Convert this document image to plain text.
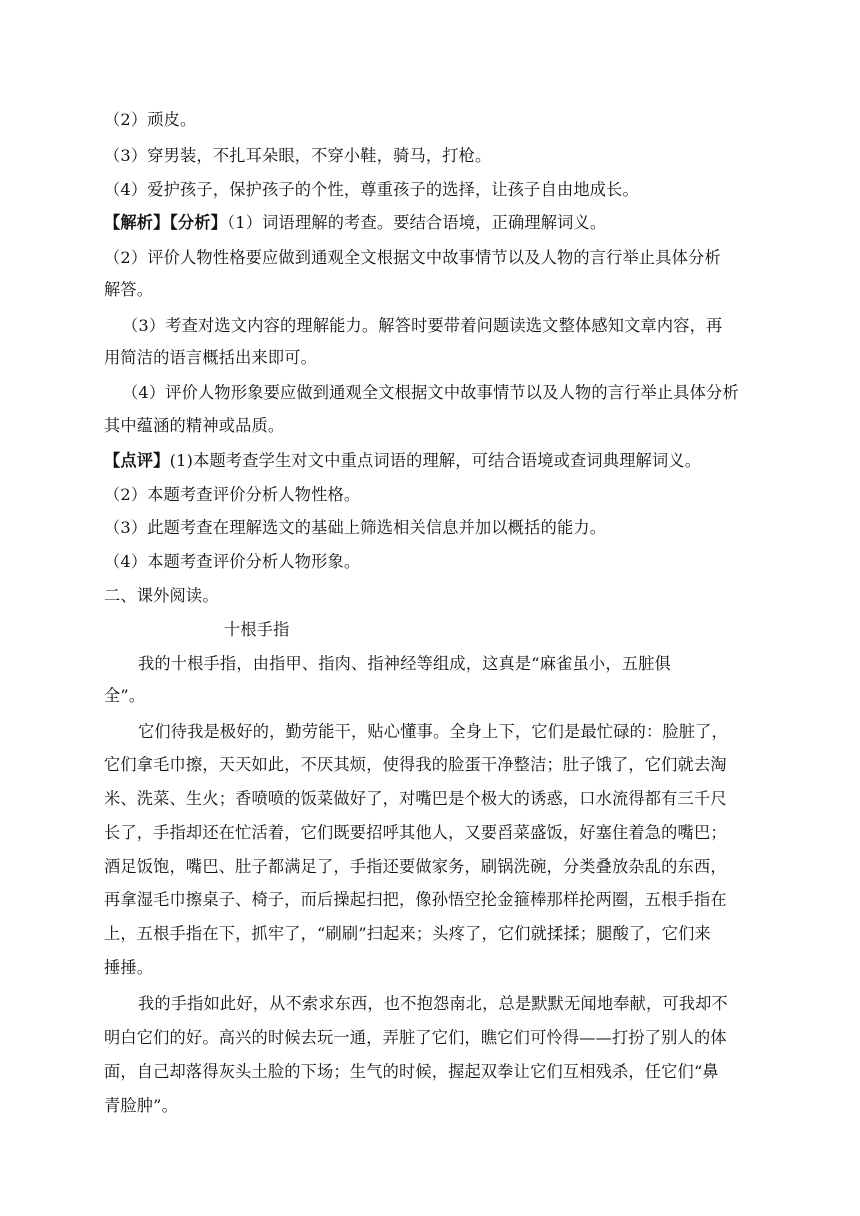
（2）顽皮。
（3）穿男装，不扎耳朵眼，不穿小鞋，骑马，打枪。
（4）爱护孩子，保护孩子的个性，尊重孩子的选择，让孩子自由地成长。
【解析】【分析】（1）词语理解的考查。要结合语境，正确理解词义。
（2）评价人物性格要应做到通观全文根据文中故事情节以及人物的言行举止具体分析
解答。
（3）考查对选文内容的理解能力。解答时要带着问题读选文整体感知文章内容，再
用简洁的语言概括出来即可。
（4）评价人物形象要应做到通观全文根据文中故事情节以及人物的言行举止具体分析
其中蕴涵的精神或品质。
【点评】(1)本题考查学生对文中重点词语的理解，可结合语境或查词典理解词义。
（2）本题考查评价分析人物性格。
（3）此题考查在理解选文的基础上筛选相关信息并加以概括的能力。
（4）本题考查评价分析人物形象。
二、课外阅读。
十根手指
我的十根手指，由指甲、指肉、指神经等组成，这真是“麻雀虽小，五脏俱
全”。
它们待我是极好的，勤劳能干，贴心懂事。全身上下，它们是最忙碌的：脸脏了，
它们拿毛巾擦，天天如此，不厌其烦，使得我的脸蛋干净整洁；肚子饿了，它们就去淘
米、洗菜、生火；香喷喷的饭菜做好了，对嘴巴是个极大的诱惑，口水流得都有三千尺
长了，手指却还在忙活着，它们既要招呼其他人，又要舀菜盛饭，好塞住着急的嘴巴；
酒足饭饱，嘴巴、肚子都满足了，手指还要做家务，刷锅洗碗，分类叠放杂乱的东西，
再拿湿毛巾擦桌子、椅子，而后操起扫把，像孙悟空抡金箍棒那样抡两圈，五根手指在
上，五根手指在下，抓牢了，“刷刷”扫起来；头疼了，它们就揉揉；腿酸了，它们来
捶捶。
我的手指如此好，从不索求东西，也不抱怨南北，总是默默无闻地奉献，可我却不
明白它们的好。高兴的时候去玩一通，弄脏了它们，瞧它们可怜得——打扮了别人的体
面，自己却落得灰头土脸的下场；生气的时候，握起双拳让它们互相残杀，任它们“鼻
青脸肿”。
